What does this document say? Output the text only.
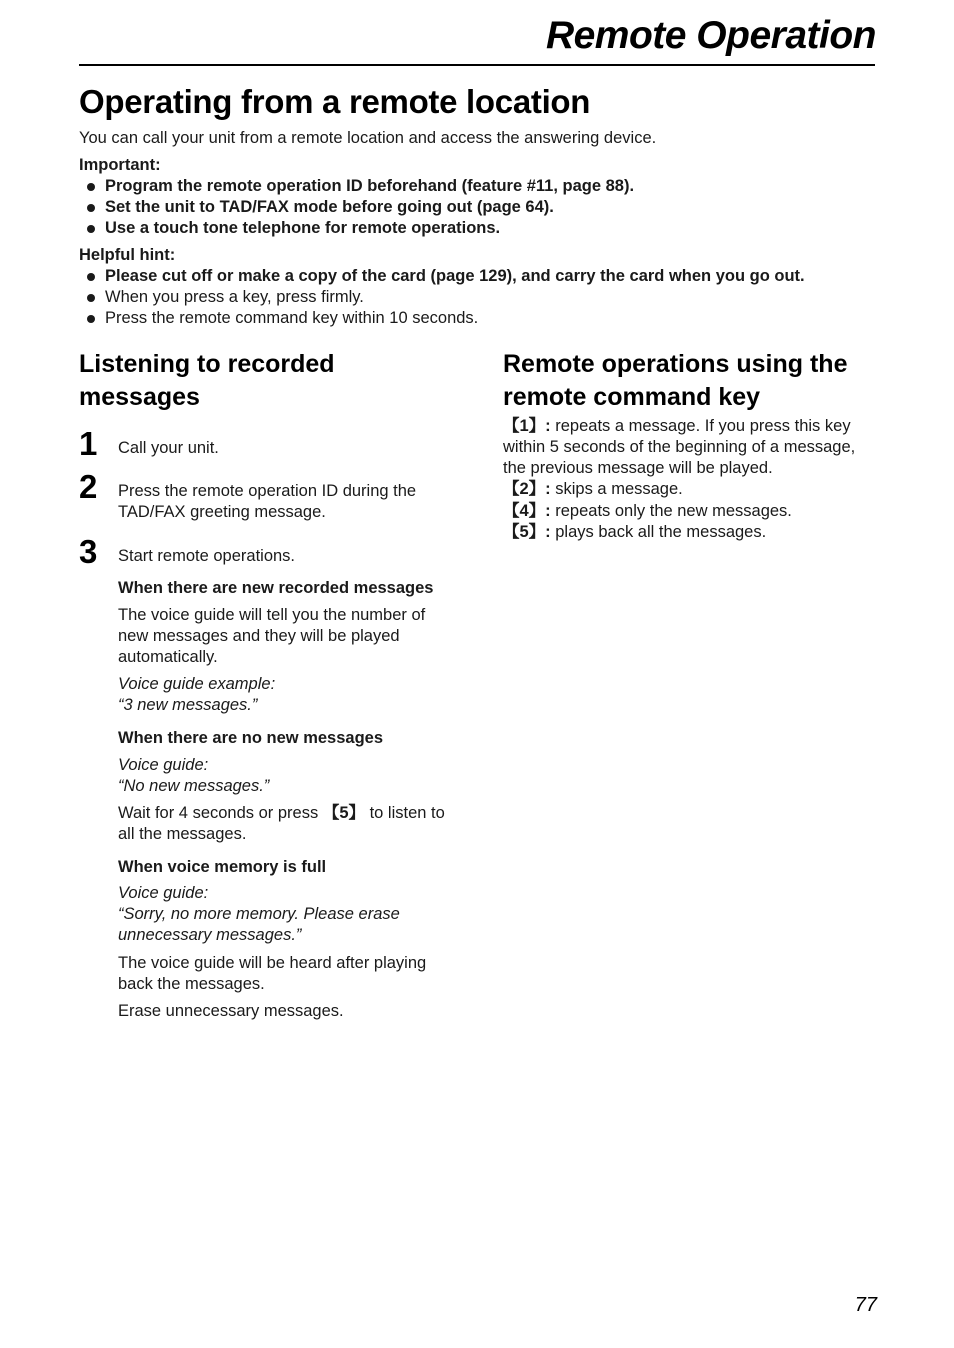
Remote Operation
Operating from a remote location
You can call your unit from a remote location and access the answering device.
Important:
Program the remote operation ID beforehand (feature #11, page 88).
Set the unit to TAD/FAX mode before going out (page 64).
Use a touch tone telephone for remote operations.
Helpful hint:
Please cut off or make a copy of the card (page 129), and carry the card when you go out.
When you press a key, press firmly.
Press the remote command key within 10 seconds.
Listening to recorded
messages
1 Call your unit.
2 Press the remote operation ID during the
TAD/FAX greeting message.
3 Start remote operations.
When there are new recorded messages
The voice guide will tell you the number of
new messages and they will be played
automatically.
Voice guide example:
“3 new messages.”
When there are no new messages
Voice guide:
“No new messages.”
Wait for 4 seconds or press 【5】 to listen to
all the messages.
When voice memory is full
Voice guide:
“Sorry, no more memory. Please erase
unnecessary messages.”
The voice guide will be heard after playing
back the messages.
Erase unnecessary messages.
Remote operations using the
remote command key
【1】: repeats a message. If you press this key
within 5 seconds of the beginning of a message,
the previous message will be played.
【2】: skips a message.
【4】: repeats only the new messages.
【5】: plays back all the messages.
77
